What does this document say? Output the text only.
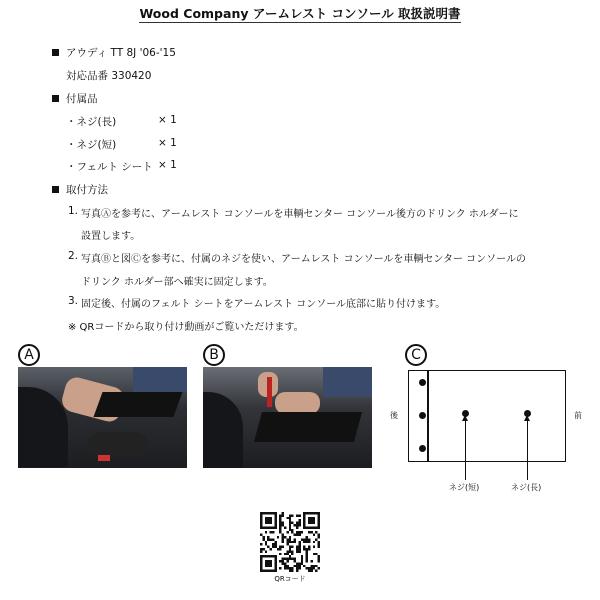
Wood Company アームレスト コンソール 取扱説明書
アウディ TT 8J '06-'15
対応品番 330420
付属品
・ネジ(長)	× 1
・ネジ(短)	× 1
・フェルト シート × 1
取付方法
1. 写真Ⓐを参考に、アームレスト コンソールを車輌センター コンソール後方のドリンク ホルダーに
設置します。
2. 写真Ⓑと図Ⓒを参考に、付属のネジを使い、アームレスト コンソールを車輌センター コンソールの
ドリンク ホルダー部へ確実に固定します。
3. 固定後、付属のフェルト シートをアームレスト コンソール底部に貼り付けます。
※ QRコードから取り付け動画がご覧いただけます。
A	B	C
後	前
ネジ(短)	ネジ(長)
QRコード
